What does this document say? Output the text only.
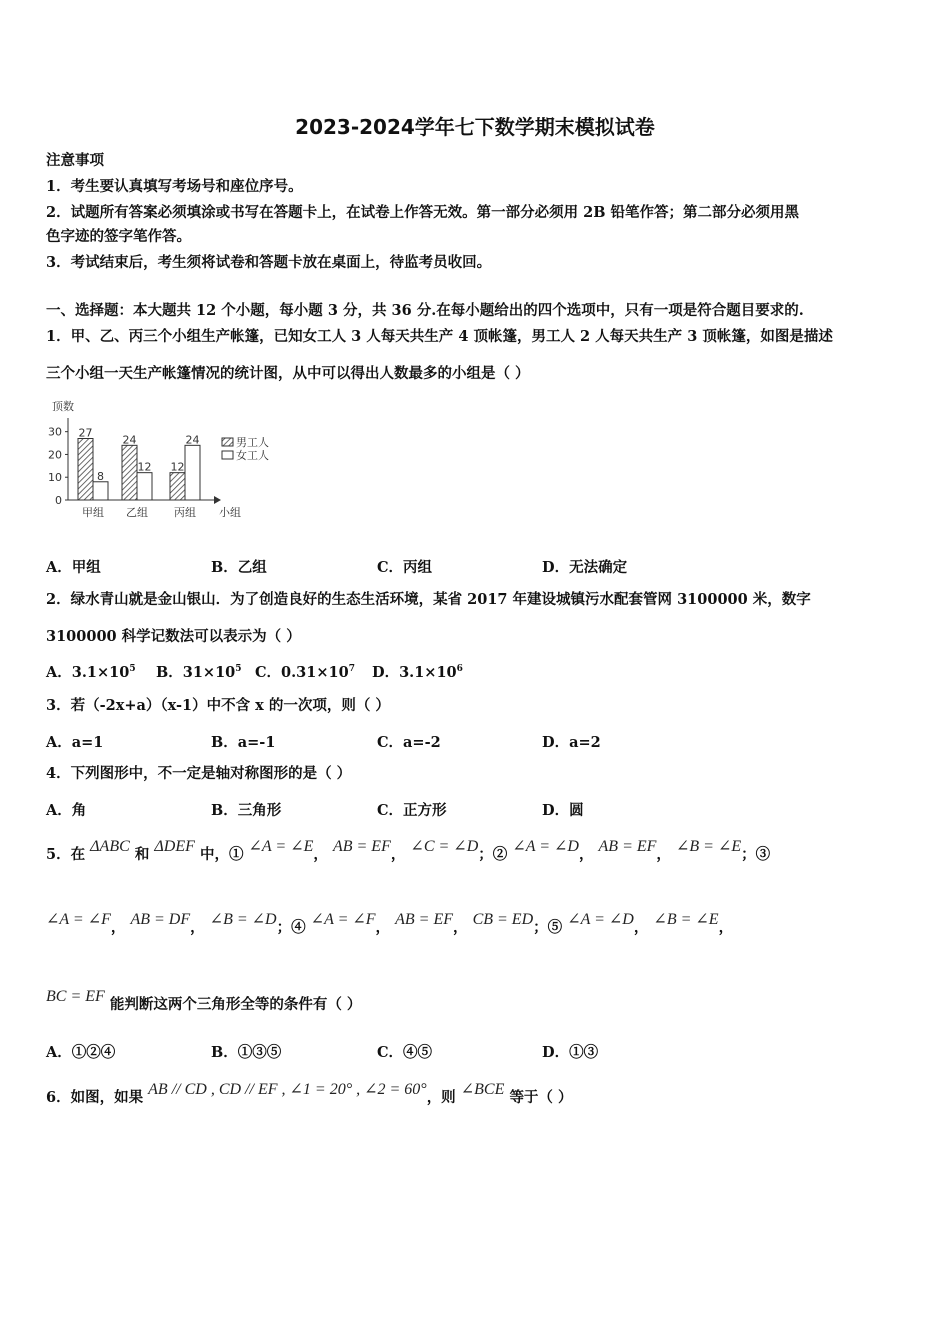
2023-2024学年七下数学期末模拟试卷
注意事项
1．考生要认真填写考场号和座位序号。
2．试题所有答案必须填涂或书写在答题卡上，在试卷上作答无效。第一部分必须用 2B 铅笔作答；第二部分必须用黑
色字迹的签字笔作答。
3．考试结束后，考生须将试卷和答题卡放在桌面上，待监考员收回。
一、选择题：本大题共 12 个小题，每小题 3 分，共 36 分.在每小题给出的四个选项中，只有一项是符合题目要求的.
1．甲、乙、丙三个小组生产帐篷，已知女工人 3 人每天共生产 4 顶帐篷，男工人 2 人每天共生产 3 顶帐篷，如图是描述
三个小组一天生产帐篷情况的统计图，从中可以得出人数最多的小组是（ ）
顶数
0
10
20
30 27
8
甲组
24
12
乙组
12
24
丙组 小组
男工人
女工人
A．甲组	B．乙组	C．丙组	D．无法确定
2．绿水青山就是金山银山．为了创造良好的生态生活环境，某省 2017 年建设城镇污水配套管网 3100000 米，数字
3100000 科学记数法可以表示为（ ）
A．$3.1\times 10^5$ B．$31\times 10^5$ C．$0.31\times 10^7$ D．$3.1\times 10^6$
3．若（-2x+a）（x-1）中不含 x 的一次项，则（ ）
A．a=1	B．a=-1	C．a=-2	D．a=2
4．下列图形中，不一定是轴对称图形的是（ ）
A．角	B．三角形	C．正方形	D．圆
5．在 ΔABC 和 ΔDEF 中，① ∠A = ∠E， AB = EF， ∠C = ∠D；② ∠A = ∠D， AB = EF， ∠B = ∠E；③
∠A = ∠F， AB = DF， ∠B = ∠D；④ ∠A = ∠F， AB = EF， CB = ED；⑤ ∠A = ∠D， ∠B = ∠E，
BC = EF 能判断这两个三角形全等的条件有（ ）
A．①②④	B．①③⑤	C．④⑤	D．①③
6．如图，如果 AB // CD , CD // EF , ∠1 = 20° , ∠2 = 60°，则 ∠BCE 等于（ ）
